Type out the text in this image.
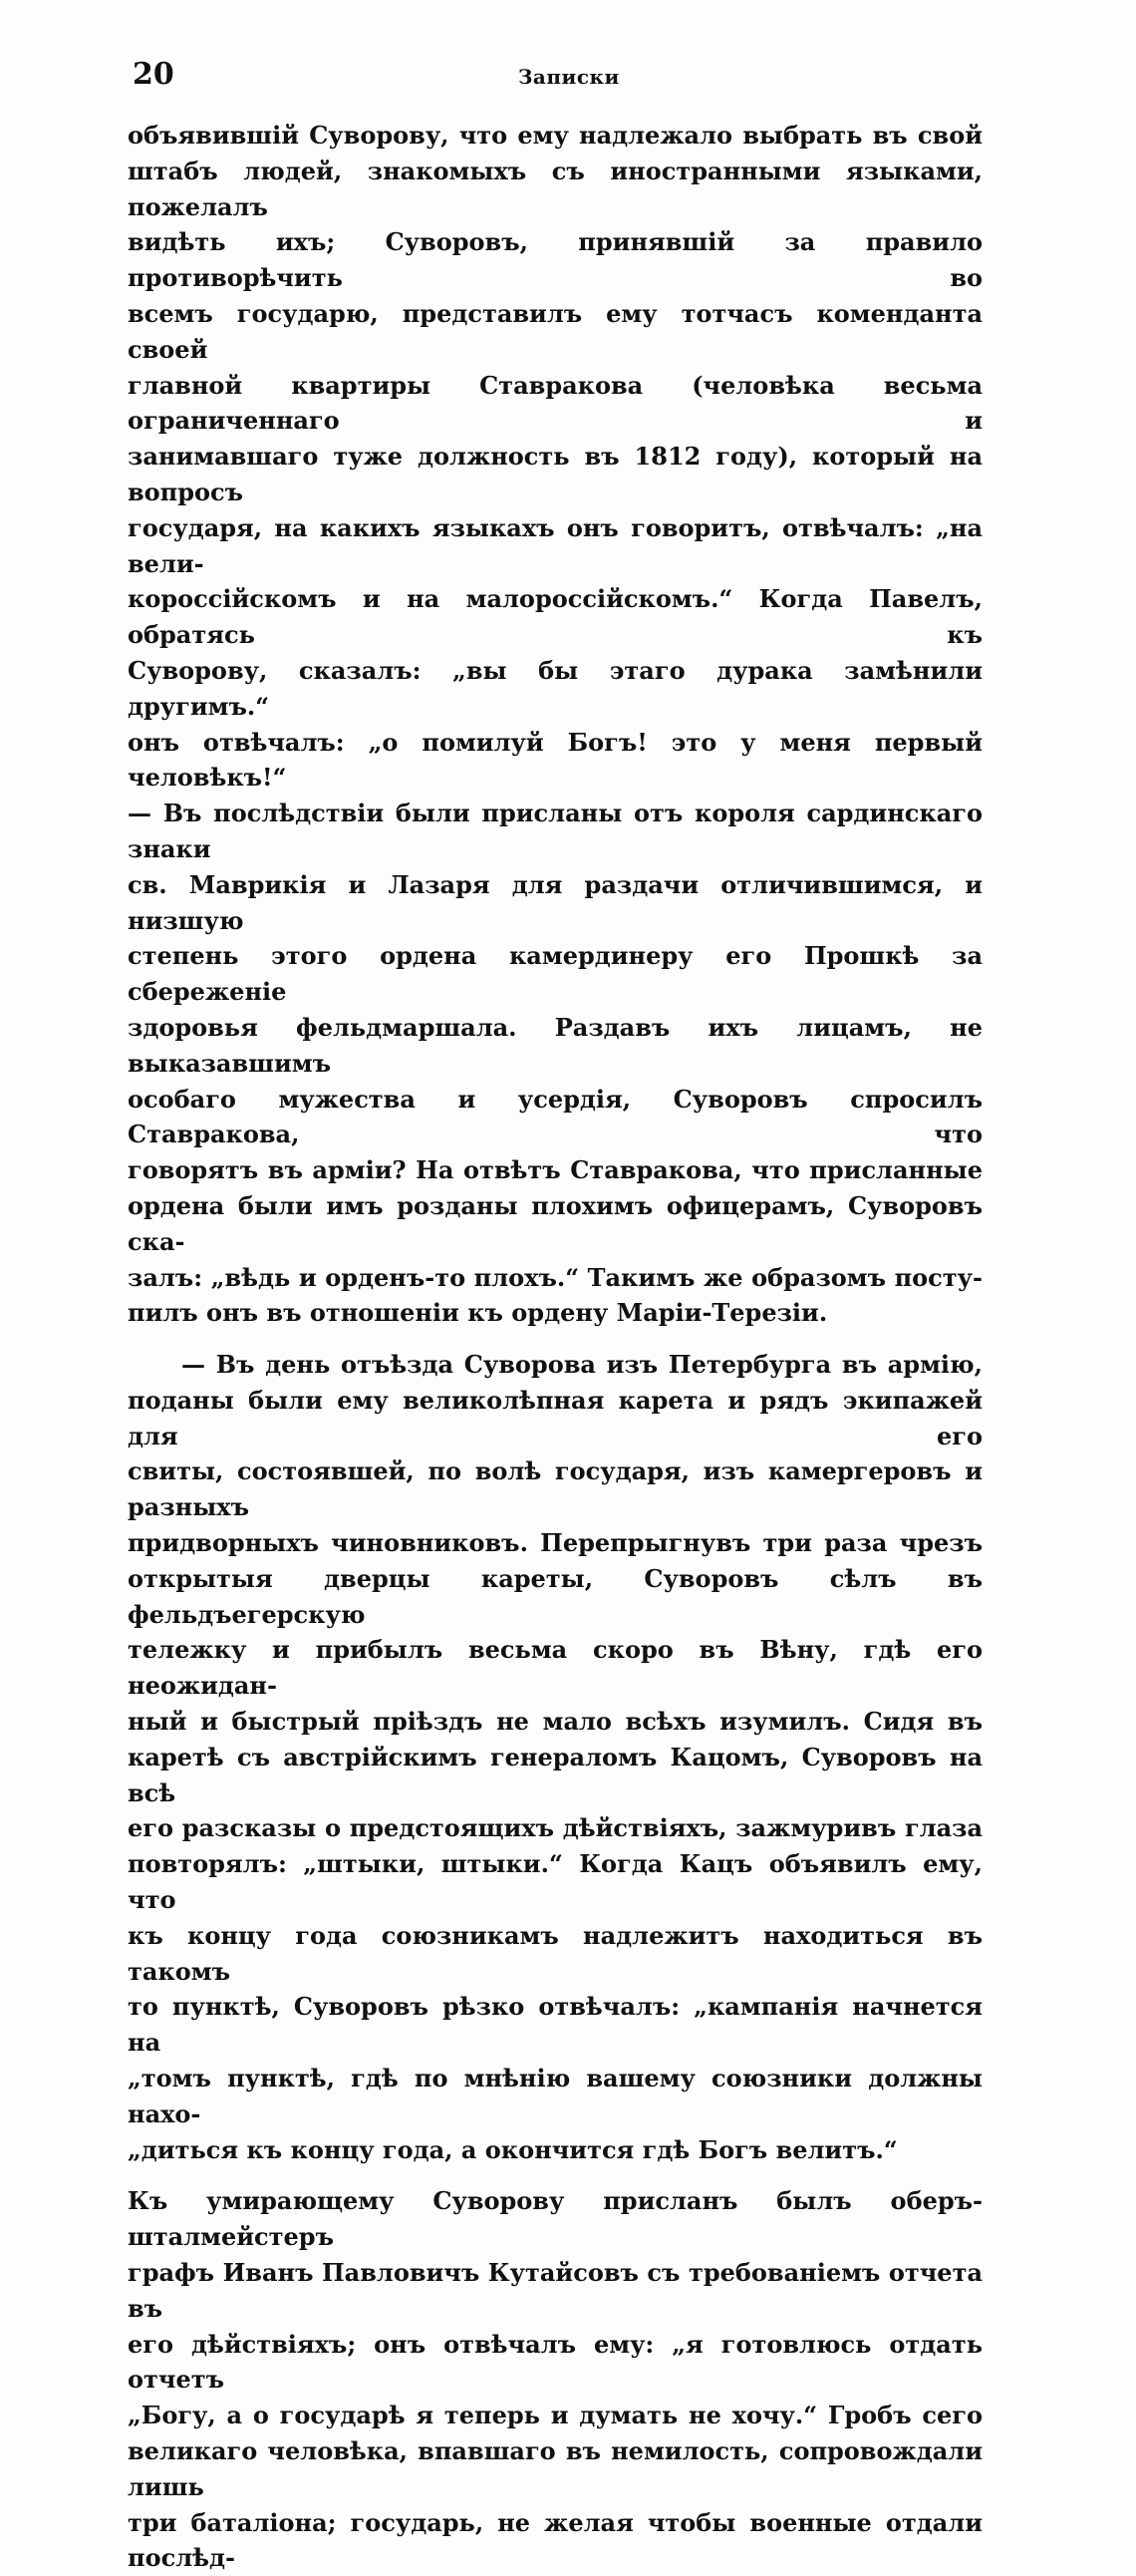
20	Записки

объявившій Суворову, что ему надлежало выбрать въ свой

штабъ людей, знакомыхъ съ иностранными языками, пожелалъ

видѣть ихъ; Суворовъ, принявшій за правило противорѣчить во

всемъ государю, представилъ ему тотчасъ коменданта своей

главной квартиры Ставракова (человѣка весьма ограниченнаго и

занимавшаго туже должность въ 1812 году), который на вопросъ

государя, на какихъ языкахъ онъ говоритъ, отвѣчалъ: „на вели-

короссійскомъ и на малороссійскомъ.“ Когда Павелъ, обратясь къ

Суворову, сказалъ: „вы бы этаго дурака замѣнили другимъ.“

онъ отвѣчалъ: „о помилуй Богъ! это у меня первый человѣкъ!“

— Въ послѣдствіи были присланы отъ короля сардинскаго знаки

св. Маврикія и Лазаря для раздачи отличившимся, и низшую

степень этого ордена камердинеру его Прошкѣ за сбереженіе

здоровья фельдмаршала. Раздавъ ихъ лицамъ, не выказавшимъ

особаго мужества и усердія, Суворовъ спросилъ Ставракова, что

говорятъ въ арміи? На отвѣтъ Ставракова, что присланные

ордена были имъ розданы плохимъ офицерамъ, Суворовъ ска-

залъ: „вѣдь и орденъ-то плохъ.“ Такимъ же образомъ посту-

пилъ онъ въ отношеніи къ ордену Маріи-Терезіи.

— Въ день отъѣзда Суворова изъ Петербурга въ армію,

поданы были ему великолѣпная карета и рядъ экипажей для его

свиты, состоявшей, по волѣ государя, изъ камергеровъ и разныхъ

придворныхъ чиновниковъ. Перепрыгнувъ три раза чрезъ

открытыя дверцы кареты, Суворовъ сѣлъ въ фельдъегерскую

тележку и прибылъ весьма скоро въ Вѣну, гдѣ его неожидан-

ный и быстрый пріѣздъ не мало всѣхъ изумилъ. Сидя въ

каретѣ съ австрійскимъ генераломъ Кацомъ, Суворовъ на всѣ

его разсказы о предстоящихъ дѣйствіяхъ, зажмуривъ глаза

повторялъ: „штыки, штыки.“ Когда Кацъ объявилъ ему, что

къ концу года союзникамъ надлежитъ находиться въ такомъ

то пунктѣ, Суворовъ рѣзко отвѣчалъ: „кампанія начнется на

„томъ пунктѣ, гдѣ по мнѣнію вашему союзники должны нахо-

„диться къ концу года, а окончится гдѣ Богъ велитъ.“

Къ умирающему Суворову присланъ былъ оберъ-шталмейстеръ

графъ Иванъ Павловичъ Кутайсовъ съ требованіемъ отчета въ

его дѣйствіяхъ; онъ отвѣчалъ ему: „я готовлюсь отдать отчетъ

„Богу, а о государѣ я теперь и думать не хочу.“ Гробъ сего

великаго человѣка, впавшаго въ немилость, сопровождали лишь

три баталіона; государь, не желая чтобы военные отдали послѣд-
